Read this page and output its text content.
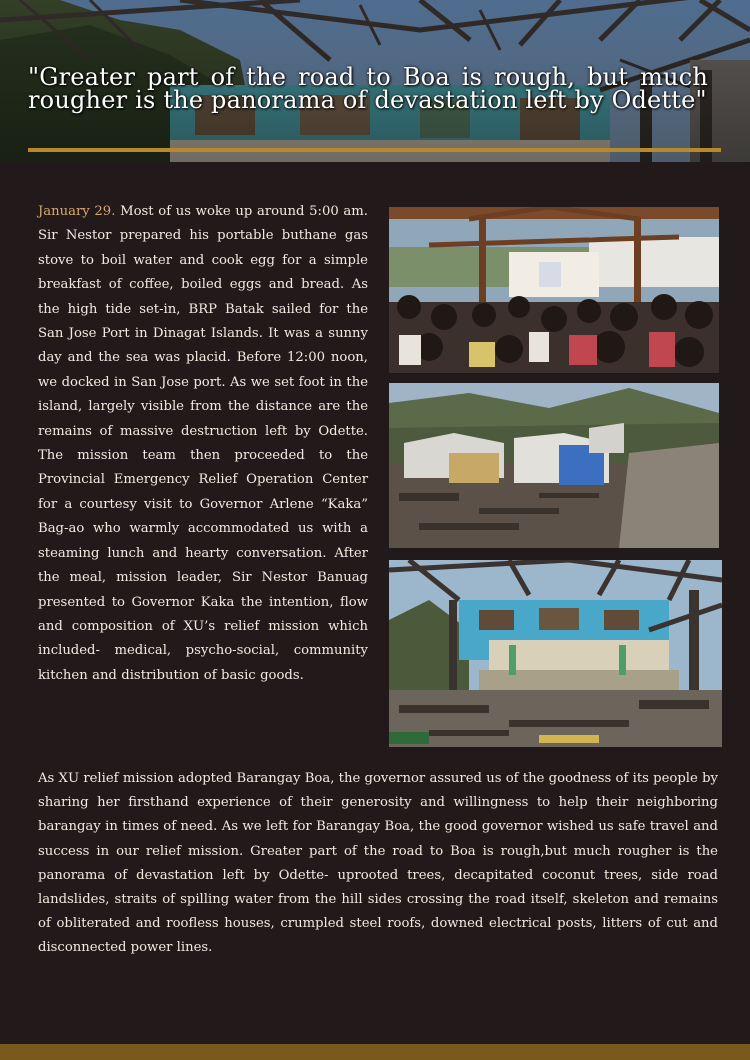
"Greater part of the road to Boa is rough, but much rougher is the panorama of devastation left by Odette"

January 29. Most of us woke up around 5:00 am. Sir Nestor prepared his portable buthane gas stove to boil water and cook egg for a simple breakfast of coffee, boiled eggs and bread. As the high tide set-in, BRP Batak sailed for the San Jose Port in Dinagat Islands. It was a sunny day and the sea was placid. Before 12:00 noon, we docked in San Jose port. As we set foot in the island, largely visible from the distance are the remains of massive destruction left by Odette. The mission team then proceeded to the Provincial Emergency Relief Operation Center for a courtesy visit to Governor Arlene “Kaka” Bag-ao who warmly accommodated us with a steaming lunch and hearty conversation. After the meal, mission leader, Sir Nestor Banuag presented to Governor Kaka the intention, flow and composition of XU’s relief mission which included- medical, psycho-social, community kitchen and distribution of basic goods.

As XU relief mission adopted Barangay Boa, the governor assured us of the goodness of its people by sharing her firsthand experience of their generosity and willingness to help their neighboring barangay in times of need. As we left for Barangay Boa, the good governor wished us safe travel and success in our relief mission. Greater part of the road to Boa is rough,but much rougher is the panorama of devastation left by Odette- uprooted trees, decapitated coconut trees, side road landslides, straits of spilling water from the hill sides crossing the road itself, skeleton and remains of obliterated and roofless houses, crumpled steel roofs, downed electrical posts, litters of cut and disconnected power lines.
